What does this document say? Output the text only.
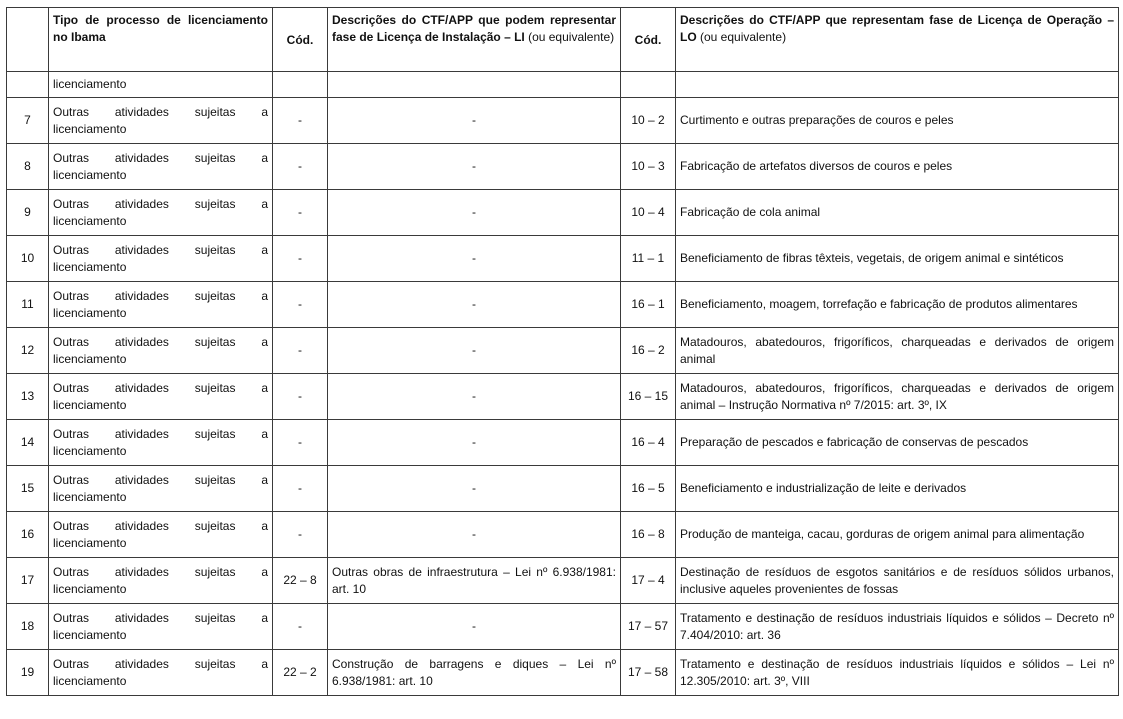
	Tipo de processo de licenciamento no Ibama	Cód.	Descrições do CTF/APP que podem representar fase de Licença de Instalação – LI (ou equivalente)	Cód.	Descrições do CTF/APP que representam fase de Licença de Operação – LO (ou equivalente)
	licenciamento				
7	Outras atividades sujeitas a licenciamento	-	-	10 – 2	Curtimento e outras preparações de couros e peles
8	Outras atividades sujeitas a licenciamento	-	-	10 – 3	Fabricação de artefatos diversos de couros e peles
9	Outras atividades sujeitas a licenciamento	-	-	10 – 4	Fabricação de cola animal
10	Outras atividades sujeitas a licenciamento	-	-	11 – 1	Beneficiamento de fibras têxteis, vegetais, de origem animal e sintéticos
11	Outras atividades sujeitas a licenciamento	-	-	16 – 1	Beneficiamento, moagem, torrefação e fabricação de produtos alimentares
12	Outras atividades sujeitas a licenciamento	-	-	16 – 2	Matadouros, abatedouros, frigoríficos, charqueadas e derivados de origem animal
13	Outras atividades sujeitas a licenciamento	-	-	16 – 15	Matadouros, abatedouros, frigoríficos, charqueadas e derivados de origem animal – Instrução Normativa nº 7/2015: art. 3º, IX
14	Outras atividades sujeitas a licenciamento	-	-	16 – 4	Preparação de pescados e fabricação de conservas de pescados
15	Outras atividades sujeitas a licenciamento	-	-	16 – 5	Beneficiamento e industrialização de leite e derivados
16	Outras atividades sujeitas a licenciamento	-	-	16 – 8	Produção de manteiga, cacau, gorduras de origem animal para alimentação
17	Outras atividades sujeitas a licenciamento	22 – 8	Outras obras de infraestrutura – Lei nº 6.938/1981: art. 10	17 – 4	Destinação de resíduos de esgotos sanitários e de resíduos sólidos urbanos, inclusive aqueles provenientes de fossas
18	Outras atividades sujeitas a licenciamento	-	-	17 – 57	Tratamento e destinação de resíduos industriais líquidos e sólidos – Decreto nº 7.404/2010: art. 36
19	Outras atividades sujeitas a licenciamento	22 – 2	Construção de barragens e diques – Lei nº 6.938/1981: art. 10	17 – 58	Tratamento e destinação de resíduos industriais líquidos e sólidos – Lei nº 12.305/2010: art. 3º, VIII
